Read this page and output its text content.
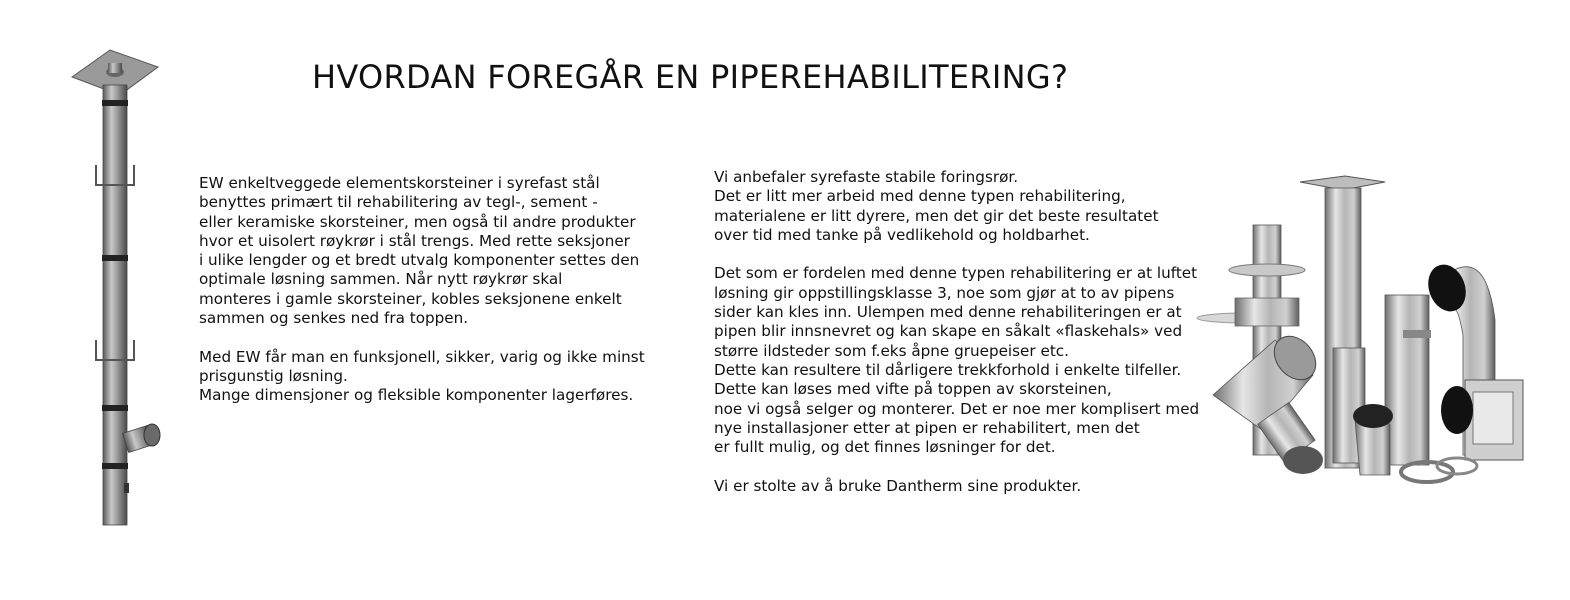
HVORDAN FOREGÅR EN PIPEREHABILITERING?

EW enkeltveggede elementskorsteiner i syrefast stål

benyttes primært til rehabilitering av tegl-, sement -

eller keramiske skorsteiner, men også til andre produkter

hvor et uisolert røykrør i stål trengs. Med rette seksjoner

i ulike lengder og et bredt utvalg komponenter settes den

optimale løsning sammen. Når nytt røykrør skal

monteres i gamle skorsteiner, kobles seksjonene enkelt

sammen og senkes ned fra toppen.

Med EW får man en funksjonell, sikker, varig og ikke minst

prisgunstig løsning.

Mange dimensjoner og fleksible komponenter lagerføres.

Vi anbefaler syrefaste stabile foringsrør.

Det er litt mer arbeid med denne typen rehabilitering,

materialene er litt dyrere, men det gir det beste resultatet

over tid med tanke på vedlikehold og holdbarhet.

Det som er fordelen med denne typen rehabilitering er at luftet

løsning gir oppstillingsklasse 3, noe som gjør at to av pipens

sider kan kles inn. Ulempen med denne rehabiliteringen er at

pipen blir innsnevret og kan skape en såkalt «flaskehals» ved

større ildsteder som f.eks åpne gruepeiser etc.

Dette kan resultere til dårligere trekkforhold i enkelte tilfeller.

Dette kan løses med vifte på toppen av skorsteinen,

noe vi også selger og monterer. Det er noe mer komplisert med

nye installasjoner etter at pipen er rehabilitert, men det

er fullt mulig, og det finnes løsninger for det.

Vi er stolte av å bruke Dantherm sine produkter.
